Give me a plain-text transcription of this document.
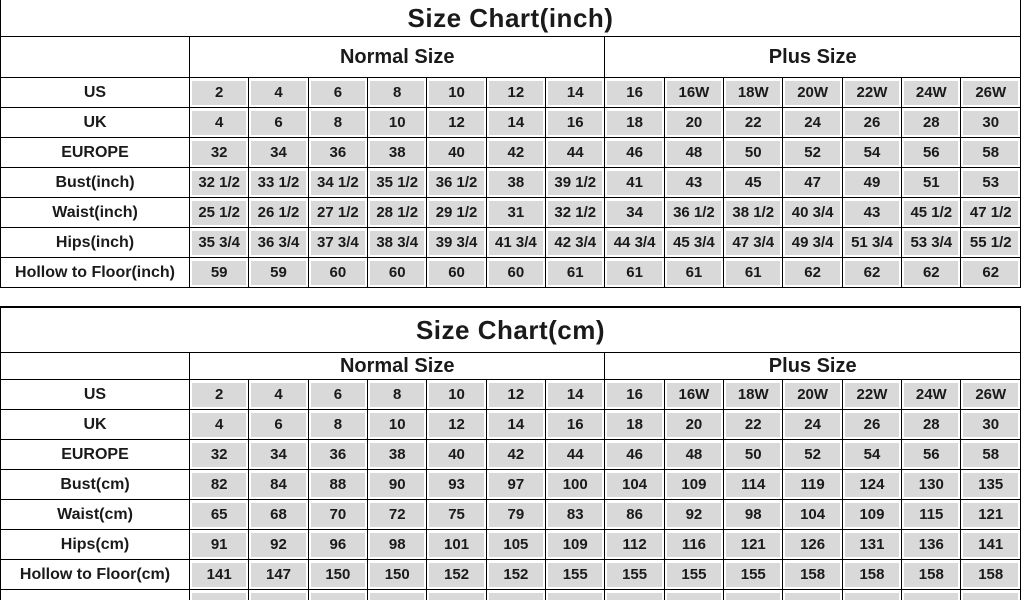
Size Chart(inch)														
	Normal Size							Plus Size						
US	2	4	6	8	10	12	14	16	16W	18W	20W	22W	24W	26W

UK	4	6	8	10	12	14	16	18	20	22	24	26	28	30

EUROPE	32	34	36	38	40	42	44	46	48	50	52	54	56	58

Bust(inch)	32 1/2	33 1/2	34 1/2	35 1/2	36 1/2	38	39 1/2	41	43	45	47	49	51	53

Waist(inch)	25 1/2	26 1/2	27 1/2	28 1/2	29 1/2	31	32 1/2	34	36 1/2	38 1/2	40 3/4	43	45 1/2	47 1/2

Hips(inch)	35 3/4	36 3/4	37 3/4	38 3/4	39 3/4	41 3/4	42 3/4	44 3/4	45 3/4	47 3/4	49 3/4	51 3/4	53 3/4	55 1/2

Hollow to Floor(inch)	59	59	60	60	60	60	61	61	61	61	62	62	62	62
Size Chart(cm)														
	Normal Size							Plus Size						
US	2	4	6	8	10	12	14	16	16W	18W	20W	22W	24W	26W

UK	4	6	8	10	12	14	16	18	20	22	24	26	28	30

EUROPE	32	34	36	38	40	42	44	46	48	50	52	54	56	58

Bust(cm)	82	84	88	90	93	97	100	104	109	114	119	124	130	135

Waist(cm)	65	68	70	72	75	79	83	86	92	98	104	109	115	121

Hips(cm)	91	92	96	98	101	105	109	112	116	121	126	131	136	141

Hollow to Floor(cm)	141	147	150	150	152	152	155	155	155	155	158	158	158	158
